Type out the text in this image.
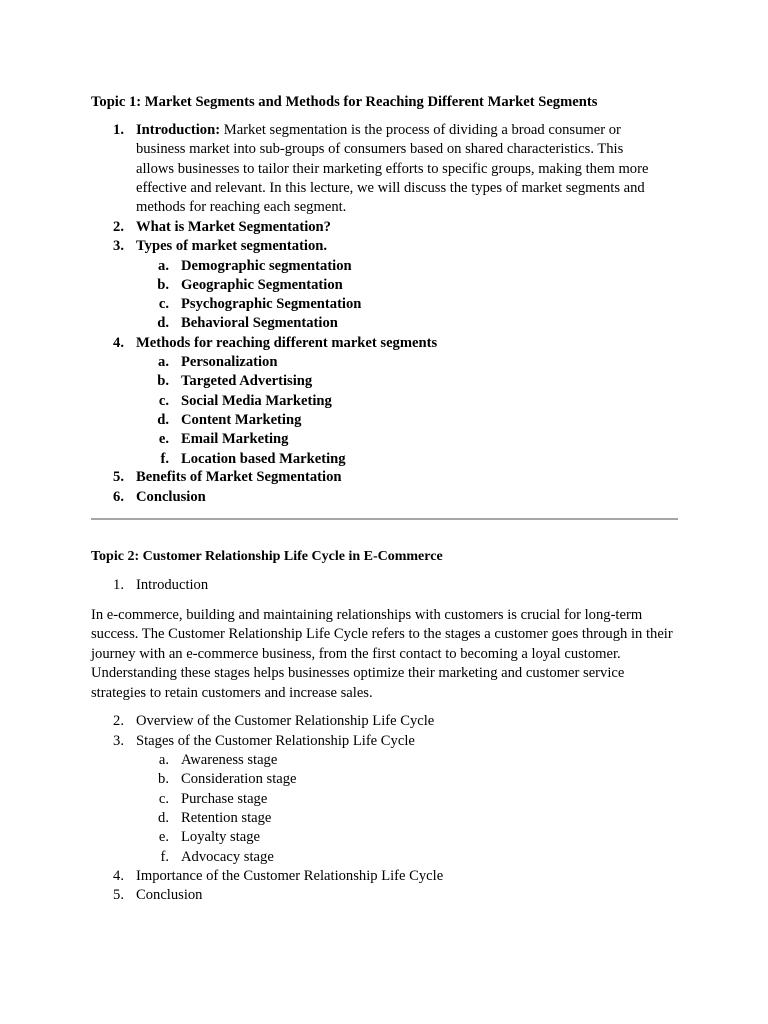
Topic 1: Market Segments and Methods for Reaching Different Market Segments
1. Introduction: Market segmentation is the process of dividing a broad consumer or
business market into sub-groups of consumers based on shared characteristics. This
allows businesses to tailor their marketing efforts to specific groups, making them more
effective and relevant. In this lecture, we will discuss the types of market segments and
methods for reaching each segment.
2. What is Market Segmentation?
3. Types of market segmentation.
a. Demographic segmentation
b. Geographic Segmentation
c. Psychographic Segmentation
d. Behavioral Segmentation
4. Methods for reaching different market segments
a. Personalization
b. Targeted Advertising
c. Social Media Marketing
d. Content Marketing
e. Email Marketing
f. Location based Marketing
5. Benefits of Market Segmentation
6. Conclusion
Topic 2: Customer Relationship Life Cycle in E-Commerce
1. Introduction

In e-commerce, building and maintaining relationships with customers is crucial for long-term success. The Customer Relationship Life Cycle refers to the stages a customer goes through in their journey with an e-commerce business, from the first contact to becoming a loyal customer. Understanding these stages helps businesses optimize their marketing and customer service strategies to retain customers and increase sales.

2. Overview of the Customer Relationship Life Cycle
3. Stages of the Customer Relationship Life Cycle
a. Awareness stage
b. Consideration stage
c. Purchase stage
d. Retention stage
e. Loyalty stage
f. Advocacy stage
4. Importance of the Customer Relationship Life Cycle
5. Conclusion
